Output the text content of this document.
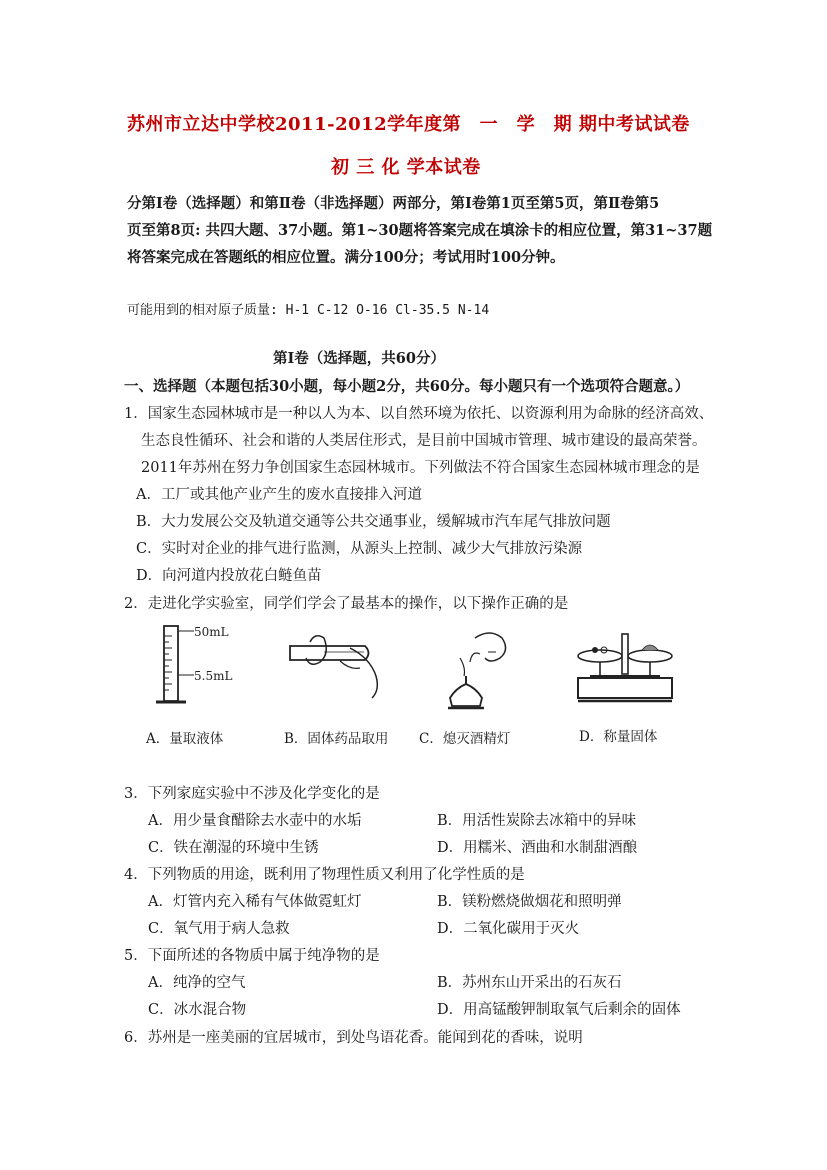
苏州市立达中学校2011-2012学年度第　一　学　期 期中考试试卷
初 三 化 学本试卷
分第Ⅰ卷（选择题）和第Ⅱ卷（非选择题）两部分，第Ⅰ卷第1页至第5页，第Ⅱ卷第5
页至第8页: 共四大题、37小题。第1~30题将答案完成在填涂卡的相应位置，第31~37题
将答案完成在答题纸的相应位置。满分100分；考试用时100分钟。
可能用到的相对原子质量: H-1 C-12 O-16 Cl-35.5 N-14
第Ⅰ卷（选择题，共60分）
一、选择题（本题包括30小题，每小题2分，共60分。每小题只有一个选项符合题意。）
1．国家生态园林城市是一种以人为本、以自然环境为依托、以资源利用为命脉的经济高效、
生态良性循环、社会和谐的人类居住形式，是目前中国城市管理、城市建设的最高荣誉。
2011年苏州在努力争创国家生态园林城市。下列做法不符合国家生态园林城市理念的是
A．工厂或其他产业产生的废水直接排入河道
B．大力发展公交及轨道交通等公共交通事业，缓解城市汽车尾气排放问题
C．实时对企业的排气进行监测，从源头上控制、减少大气排放污染源
D．向河道内投放花白鲢鱼苗
2．走进化学实验室，同学们学会了最基本的操作，以下操作正确的是
50mL
5.5mL
A．量取液体	B．固体药品取用 C．熄灭酒精灯	D．称量固体
3．下列家庭实验中不涉及化学变化的是
A．用少量食醋除去水壶中的水垢	B．用活性炭除去冰箱中的异味
C．铁在潮湿的环境中生锈	D．用糯米、酒曲和水制甜酒酿
4．下列物质的用途，既利用了物理性质又利用了化学性质的是
A．灯管内充入稀有气体做霓虹灯	B．镁粉燃烧做烟花和照明弹
C．氧气用于病人急救	D．二氧化碳用于灭火
5．下面所述的各物质中属于纯净物的是
A．纯净的空气	B．苏州东山开采出的石灰石
C．冰水混合物	D．用高锰酸钾制取氧气后剩余的固体
6．苏州是一座美丽的宜居城市，到处鸟语花香。能闻到花的香味，说明
